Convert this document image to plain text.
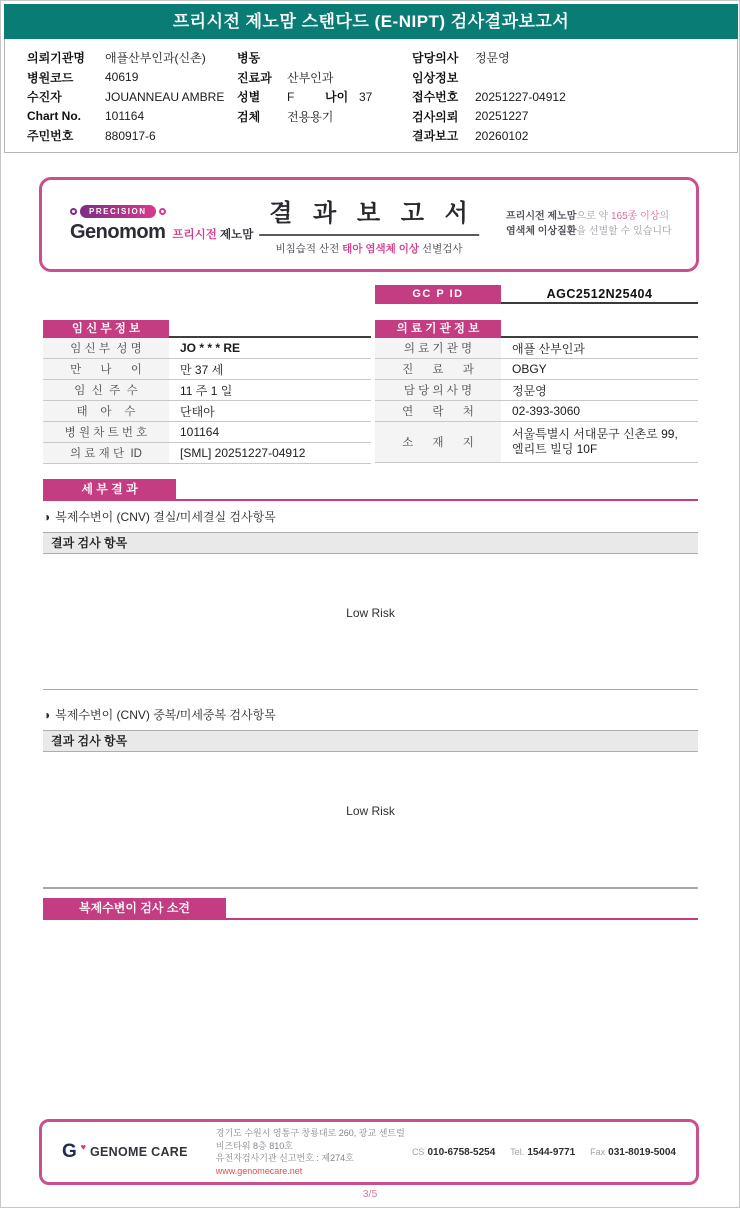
프리시전 제노맘 스탠다드 (E-NIPT) 검사결과보고서
의뢰기관명	애플산부인과(신촌)
병원코드	40619
수진자	JOUANNEAU AMBRE
Chart No.	101164
주민번호	880917-6
병동
진료과	산부인과
성별	F	나이 37
검체	전용용기
담당의사	정문영
임상정보
접수번호	20251227-04912
검사의뢰	20251227
결과보고	20260102
PRECISION
Genomom 프리시전 제노맘
결 과 보 고 서
비침습적 산전 태아 염색체 이상 선별검사
프리시전 제노맘으로 약 165종 이상의
염색체 이상질환을 선별할 수 있습니다
GC P ID	AGC2512N25404
임 신 부 정 보
임 신 부  성 명	JO * * * RE
만      나      이	만 37 세
임  신  주  수	11 주 1 일
태    아    수	단태아
병 원 차 트 번 호	101164
의 료 재 단  ID	[SML] 20251227-04912
의 료 기 관 정 보
의 료 기 관 명	애플 산부인과
진      료      과	OBGY
담 당 의 사 명	정문영
연      락      처	02-393-3060
소      재      지
서울특별시 서대문구 신촌로 99, 엘리트 빌딩 10F
세 부 결 과
◑ 복제수변이 (CNV) 결실/미세결실 검사항목
결과 검사 항목
Low Risk
◑ 복제수변이 (CNV) 중복/미세중복 검사항목
결과 검사 항목
Low Risk
복제수변이 검사 소견
G ♥ GENOME CARE
경기도 수원시 영통구 창룡대로 260, 광교 센트럴비즈타워 8층 810호
유전자검사기관 신고번호 : 제274호
www.genomecare.net
CS 010-6758-5254 Tel. 1544-9771 Fax 031-8019-5004
3/5
